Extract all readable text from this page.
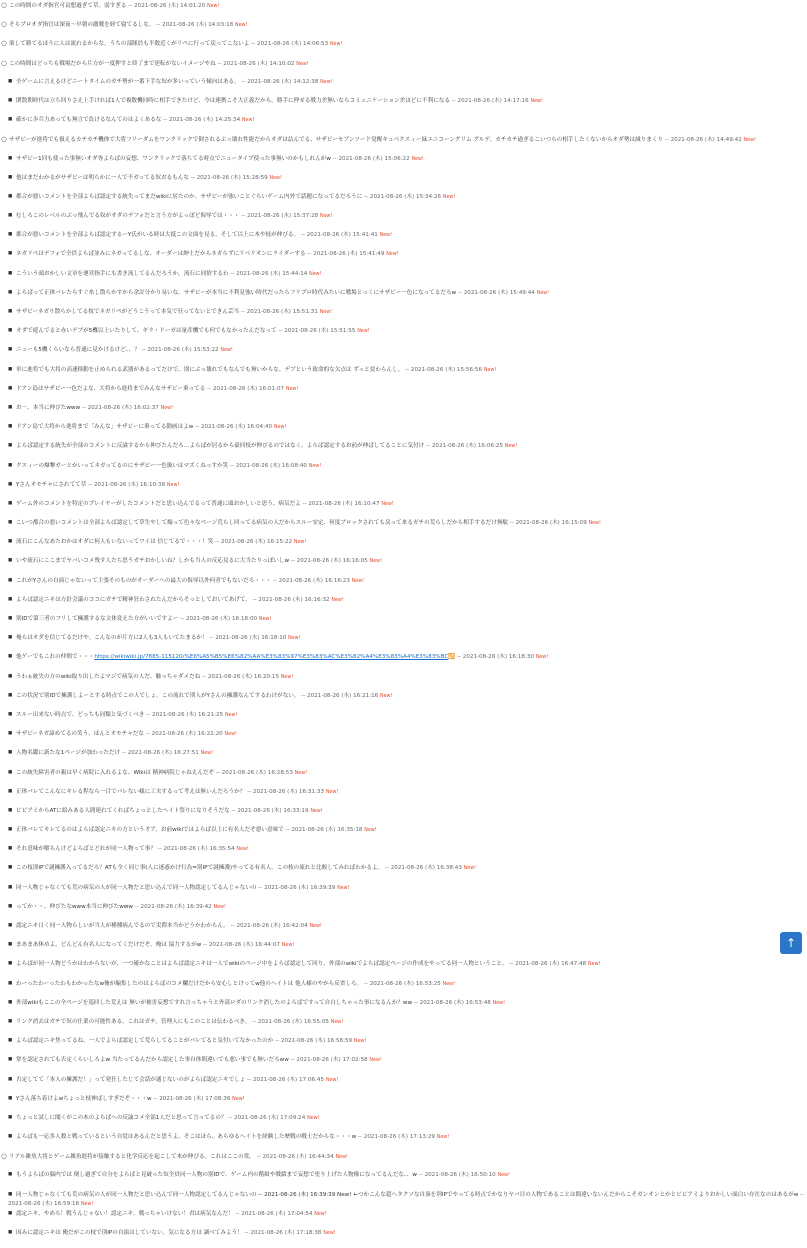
○この時間のオダ指官可哀想過ぎて草。弱すぎる -- 2021-08-26 (木) 14:01:20 New!
○そらプロオダ指官は深夜〜早朝の激戦を経て寝てるしな。 -- 2021-08-26 (木) 14:03:18 New!
○楽して勝てるほうに人は流れるからな。うちの部隊員も半数近くがリペに行って戻ってこないよ -- 2021-08-26 (木) 14:06:53 New!
○この時間はどっちも戦場だから片方が一度押すと終了まで逆転がないイメージやね -- 2021-08-26 (木) 14:10:02 New!
■全ゲームに言えるけどニートタイムのガチ勢が一番下手な奴が多いっていう傾向はある。 -- 2021-08-26 (木) 14:12:38 New!
■閑散期時代は立ち回りさえ上手ければ1人で複数機同時に相手できたけど、今は連携こそ大正義だから。勝手に押せる戦力差無いならコミュニケーション差ほどに不利になる -- 2021-08-26 (木) 14:17:16 New!
■確かに歩兵力あっても無言で負けるなんてのはよくあるな -- 2021-08-26 (木) 14:25:34 New!
○サザビーが進将でも扱えるカチカチ機体で大将フリーダムをワンクリックで倒されるぶっ壊れ性能だからオダは詰んでる、サザビーセブンソード覚醒キュベクスィー緑ユニコーングリム グルデ、カチカチ過ぎるこいつらの相手したくないからオダ勢は減りまくり -- 2021-08-26 (木) 14:49:42 New!
■サザビー1回も使った事無いオダ専よらばの妄想、ワンクリックで落ちてる時点でニュータイプ使った事無いのかもしれんがw -- 2021-08-26 (木) 15:06:22 New!
■他はまだわかるがサザビーは明らかに一人で不ガってる奴おるもんな -- 2021-08-26 (木) 15:28:59 New!
■都合が悪いコメントを全部よらば認定する統失ってまだwikiに居たのか。サザビーが強いことぐらいゲーム内外で話題になってるだろうに -- 2021-08-26 (木) 15:34:26 New!
■むしろこのレベルのぶっ飛んでる奴がオダのデフォだと言う方がよっぽど侮辱では・・・ -- 2021-08-26 (木) 15:37:28 New!
■都合が悪いコメントを全部よらば認定するーY氏がいる時は大抵この文面を見る。そして以上に木や枝が伸びる。 -- 2021-08-26 (木) 15:41:41 New!
■ネガリペはデフォで全員よらば並みにネガってるしな、オーダーは紳士だからネガらずにリベリオンにライダーする -- 2021-08-26 (木) 15:41:49 New!
■こういう頭おかしい文章を運営指手にも書き流してるんだろうか。流石に同情するわ -- 2021-08-26 (木) 15:44:14 New!
■よらばって正体バレたらすぐ糸し散らかすから余計分かり易いな。サザビーが本当に不利見強い時代だったらフリプロ時代みたいに戦場とっくにサザビー一色になってるだろw -- 2021-08-26 (木) 15:49:44 New!
■サザビーネガり散らかしてる枝でネガリペがどうこうって本気で狂ってないとできん芸当 -- 2021-08-26 (木) 15:51:31 New!
■オダで遊んでると赤いデブが5機以上いたりして、ギラ・ドーガは量産機でも何でもなかったんだなって -- 2021-08-26 (木) 15:51:55 New!
■ニューも5機くらいなら普通に見かけるけど、、？ -- 2021-08-26 (木) 15:53:22 New!
■単に進将でも大将の高速移動を止められる武器があるってだけで、別にぶっ壊れでもなんでも無いからな。デブという致命的な欠点は ずっと変わらんし。 -- 2021-08-26 (木) 15:56:56 New!
■ドアン島はサザビー一色だよな、大将から進将までみんなサザビー乗ってる -- 2021-08-26 (木) 16:01:07 New!
■お－、本当に伸びたwww -- 2021-08-26 (木) 16:02:37 New!
■ドアン島で大将から進将まで「みんな」サザビーに乗ってる動画はよw -- 2021-08-26 (木) 16:04:40 New!
■よらば認定する統失が全部のコメントに反論するから伸びたんだろ…よらばが居るから豪回枝が伸びるのではなく、よらば認定するお前が伸ばしてることに気付け -- 2021-08-26 (木) 16:06:25 New!
■クスィーの爆撃ガーとかいってネガってるのにサザビー一色扱いはマズくねっすか笑 -- 2021-08-26 (木) 16:08:40 New!
■Yさんオモチャにされてて草 -- 2021-08-26 (木) 16:10:38 New!
■ゲーム外のコメントを特定のプレイヤーがしたコメントだと思い込んでるって普通に頭おかしいと思う、病気だよ -- 2021-08-26 (木) 16:10:47 New!
■こいつ都合の悪いコメントは全部よらば認定して草生やして煽って色々なページ荒らし回ってる病気の人だからスルー安定、何度ブロックされても戻って来るガチの荒らしだから相手するだけ無駄 -- 2021-08-26 (木) 16:15:09 New!
■流石にこんなあたおかはオダに何人もいないってワイは 信じてるで・・・！笑 -- 2021-08-26 (木) 16:15:22 New!
■いや流石にここまでヤバいコメ残す人たち思うガチおかしいね？しかも当人の反応見るに大当たりっぽいしw -- 2021-08-26 (木) 16:16:05 New!
■これがYさんの自演じゃないって主張そのものがオーダーへの最大の侮辱以外何者でもないだろ・・・ -- 2021-08-26 (木) 16:16:23 New!
■よらば認定ニキは方針会議のココにガチで精神狂わされたんだからそっとしておいてあげて。 -- 2021-08-26 (木) 16:16:32 New!
■別IDで第三者のフリして擁護するな文体変えた方がいいですよー -- 2021-08-26 (木) 16:18:00 New!
■俺らはオダを信じてるだけや。こんなのが片方に2人も3人もいてたまるか！ -- 2021-08-26 (木) 16:18:10 New!
■他ゲーでもこれの仲間で・・・https://wikiwiki.jp/7885-115120/%E6%A5%B5%E6%82%AA%E3%83%97%E3%83%AC%E3%82%A4%E3%83%A4%E3%83%BC🔁 -- 2021-08-26 (木) 16:18:30 New!
■うわぁ統失の方のwiki取り出したよマジで病気の人だ、触っちゃダメだね -- 2021-08-26 (木) 16:20:15 New!
■この状況で別IDで擁護しよーとする時点でこの人でしょ。この流れで別人がYさんの擁護なんてするわけがない。 -- 2021-08-26 (木) 16:21:16 New!
■スルー出来ない時点で、どっちも同類と気づくべき -- 2021-08-26 (木) 16:21:25 New!
■サザビーネガ諦めてるの笑う、ほんとオモチャだな -- 2021-08-26 (木) 16:22:20 New!
■人物名鑑に新たな1ページが加わっただけ -- 2021-08-26 (木) 16:27:51 New!
■この統失障害者の親は早く病院に入れるよな、Wikiは 精神病院じゃねえんだぞ -- 2021-08-26 (木) 16:28:53 New!
■正体バレてこんなにキレる程なら一目でバレない様に工夫するって考えは無いんだろうか？ -- 2021-08-26 (木) 16:31:33 New!
■ビビアミからATに絡みある人間連れてくればちょっとしたヘイト祭りになりそうだな -- 2021-08-26 (木) 16:33:19 New!
■正体バレてキレてるのはよらば認定ニキの方という才ア、お前wikiではよらば以上に有名人だぞ悪い意味で -- 2021-08-26 (木) 16:35:18 New!
■それ意味が解らんけどよらばとどれが同一人物って事？ -- 2021-08-26 (木) 16:35:54 New!
■この枝別IPで謎擁護入ってるだろ？ATも全く同じ事(人に迷惑かけ行為=別IPで謎擁護)やってる有名人。この枝の流れと比較してみればわかるよ。 -- 2021-08-26 (木) 16:38:43 New!
■同一人物じゃなくても荒の病気の人が同一人物だと思い込んで同一人物認定してるんじゃないの -- 2021-08-26 (木) 16:39:39 New!
■ってか・・、伸びたなwww本当に伸びたwww -- 2021-08-26 (木) 16:39:42 New!
■認定ニキ日く同一人物らしいが当人が種種病んでるので実際本当かどうかわからん。 -- 2021-08-26 (木) 16:42:04 New!
■まあまあ休めよ。どんどん有名人になってくだけだぞ。俺は 協力するがw -- 2021-08-26 (木) 16:44:07 New!
■よらばが同一人物どうかはわからないが、一つ確かなことはよらば認定ニキは一人でwikiのページ中をよらば認定して回り、外部のwikiでよらば認定ページの作成をやってる同一人物ということ。 -- 2021-08-26 (木) 16:47:48 New!
■わーったわーったわもわかったなw俺が編集したのはよらばのコメ欄だけだから安心しとけってw他のヘイトは 他人様のやから反省しろ。 -- 2021-08-26 (木) 16:53:25 New!
■外部wikiもここの全ページを巡回した荒えは 無いが被害妄想ですれ言っちゃうと外部ロダのリンク消したのよらばですって自白しちゃった事になるんか？ww -- 2021-08-26 (木) 16:53:48 New!
■リンク消去はガチで奴の仕業の可能性ある。これはガチ。管理人にもこのことは伝わるべき。 -- 2021-08-26 (木) 16:55:05 New!
■よらば認定ニキ焦ってるね、一人でよらば認定して荒らしてることがバレてると気付いてなかったのか -- 2021-08-26 (木) 16:58:59 New!
■掌を認定されても否定くらいしろよw 当たってるんだから認定した事自体間違いでも悪い事でも無いだろww -- 2021-08-26 (木) 17:02:58 New!
■否定してて「本人の擁護だ！」って発狂したじて会話が通じないのがよらば認定ニキでしょ -- 2021-08-26 (木) 17:06:45 New!
■Yさん落ち着けよwちょっと枝伸ばしすぎだぞ・・・w -- 2021-08-26 (木) 17:08:36 New!
■ちょっと試しに聞くがこの木のよらばへの反論コメ全部1人だと思って言ってるの？ -- 2021-08-26 (木) 17:09:24 New!
■よらばも一応多人数と戦っているという自覚はあるんだと思うよ。そこはほら、あらゆるヘイトを経験した歴戦の戦士だからな・・・w -- 2021-08-26 (木) 17:13:29 New!
○リアル雑魚大将とゲーム雑魚進将が接触すると化学反応を起こして木が伸びる。これはここの常。 -- 2021-08-26 (木) 16:44:34 New!
■もうよらばの脳内では 倒し過ぎて自分をよらばと見破った奴全員同一人物の別IDで、ゲーム内の階級や戦績まで妄想で塗り上げた人物像になってるんだな、、w -- 2021-08-26 (木) 16:50:10 New!
■同一人物じゃなくても荒の病気の人が同一人物だと思い込んで同一人物認定してるんじゃないの -- 2021-08-26 (木) 16:39:39 New! ←つかこんな超ヘタクソな自演を別IPでやってる時点でかなりヤバ目の人物であることは間違いないんだからこそガンオンとかとビビアミよりおかしい面白い存在なのはあるがw -- 2021-08-26 (木) 16:59:18 New!
■認定ニキ、やめろ！戦うんじゃない！認定ニキ、戦っちゃいけない！君は病気なんだ！ -- 2021-08-26 (木) 17:04:54 New!
■因みに認定ニキは 俺だがこの枝で別IPの自演はしていない。気になる方は 調べてみよう！ -- 2021-08-26 (木) 17:18:38 New!
↑
